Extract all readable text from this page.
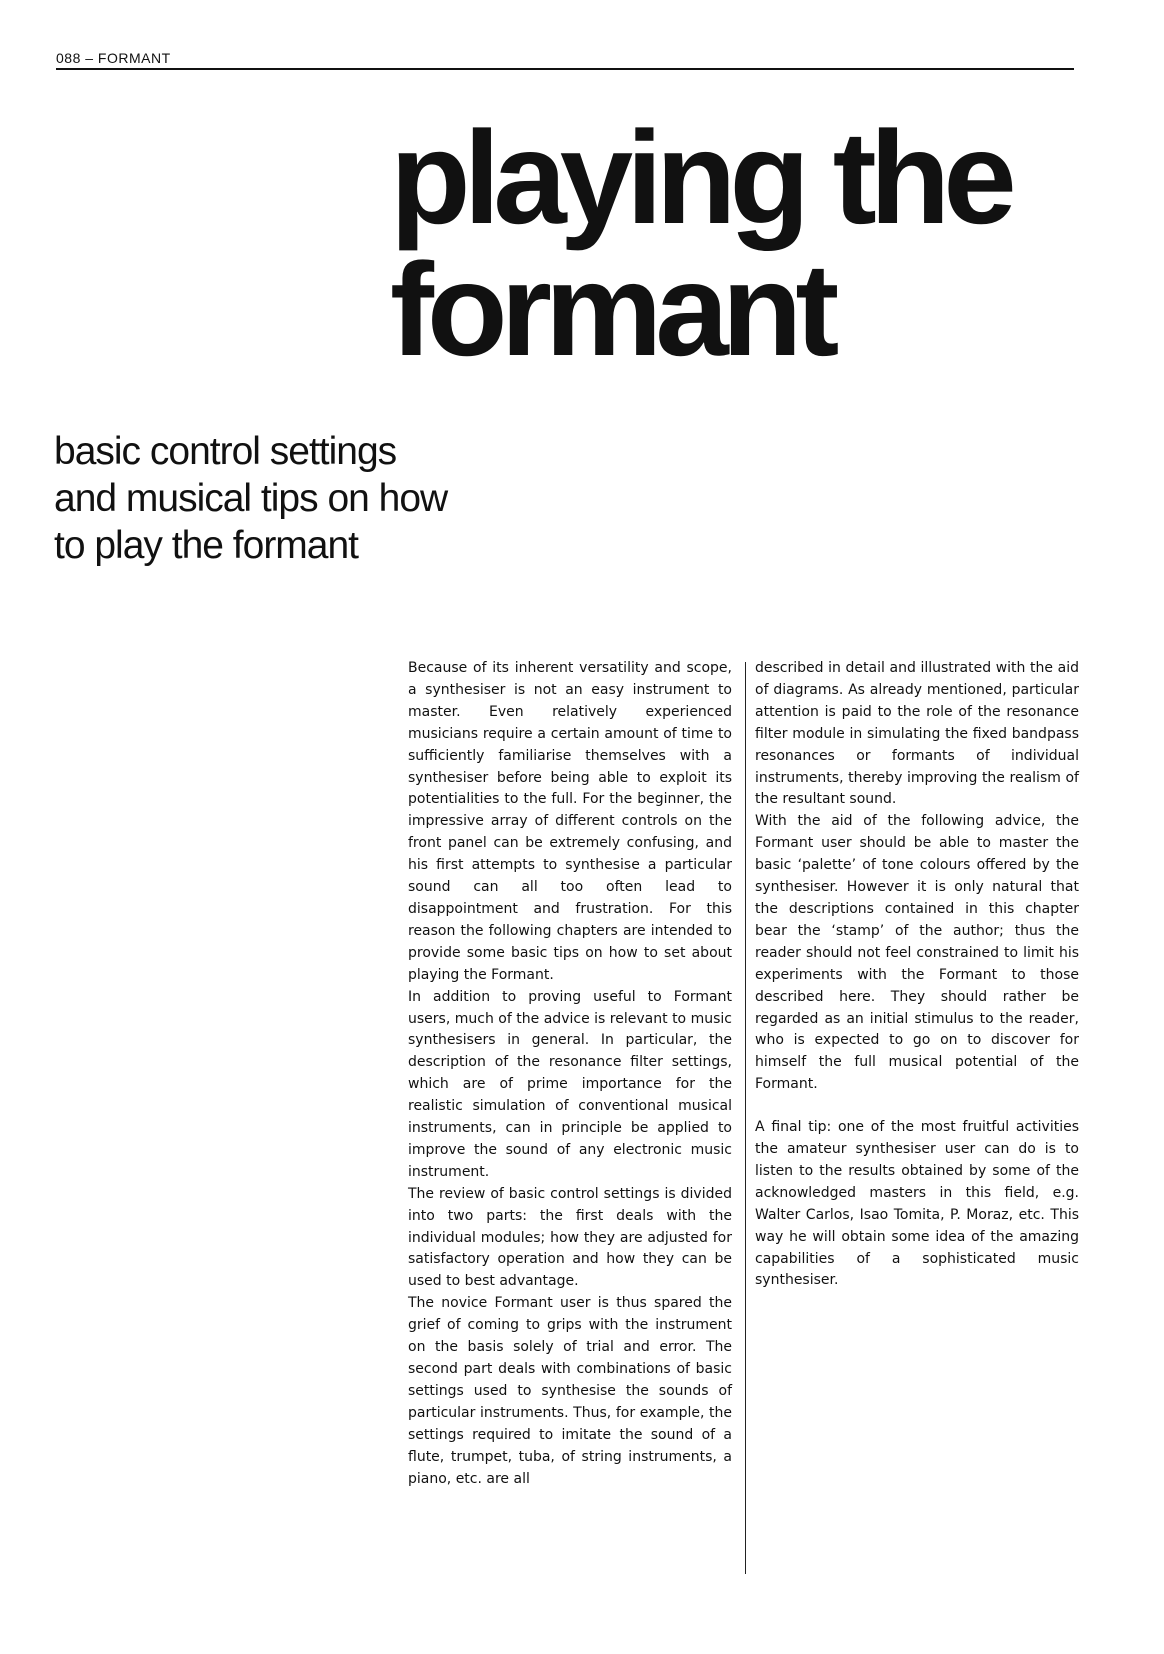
088 – FORMANT
playing the
formant
basic control settings
and musical tips on how
to play the formant

Because of its inherent versatility and scope, a synthesiser is not an easy instrument to master. Even relatively experienced musicians require a certain amount of time to sufficiently familiarise themselves with a synthesiser before being able to exploit its potentialities to the full. For the beginner, the impressive array of different controls on the front panel can be extremely confusing, and his first attempts to synthesise a particular sound can all too often lead to disappointment and frustration. For this reason the following chapters are intended to provide some basic tips on how to set about playing the Formant.

In addition to proving useful to Formant users, much of the advice is relevant to music synthesisers in general. In particular, the description of the resonance filter settings, which are of prime importance for the realistic simulation of conventional musical instruments, can in principle be applied to improve the sound of any electronic music instrument.

The review of basic control settings is divided into two parts: the first deals with the individual modules; how they are adjusted for satisfactory operation and how they can be used to best advantage.

The novice Formant user is thus spared the grief of coming to grips with the instrument on the basis solely of trial and error. The second part deals with combinations of basic settings used to synthesise the sounds of particular instruments. Thus, for example, the settings required to imitate the sound of a flute, trumpet, tuba, of string instruments, a piano, etc. are all

described in detail and illustrated with the aid of diagrams. As already mentioned, particular attention is paid to the role of the resonance filter module in simulating the fixed bandpass resonances or formants of individual instruments, thereby improving the realism of the resultant sound.

With the aid of the following advice, the Formant user should be able to master the basic ‘palette’ of tone colours offered by the synthesiser. However it is only natural that the descriptions contained in this chapter bear the ‘stamp’ of the author; thus the reader should not feel constrained to limit his experiments with the Formant to those described here. They should rather be regarded as an initial stimulus to the reader, who is expected to go on to discover for himself the full musical potential of the Formant.

A final tip: one of the most fruitful activities the amateur synthesiser user can do is to listen to the results obtained by some of the acknowledged masters in this field, e.g. Walter Carlos, Isao Tomita, P. Moraz, etc. This way he will obtain some idea of the amazing capabilities of a sophisticated music synthesiser.
